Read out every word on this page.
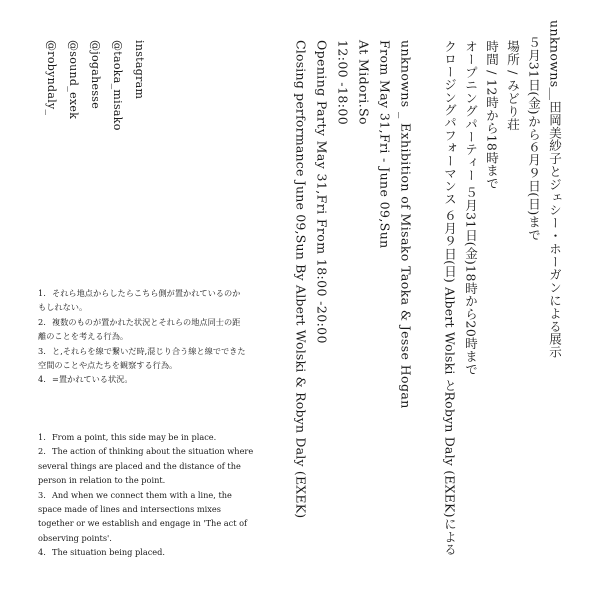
unknowns＿田岡美紗子とジェシー・ホーガンによる展示
５月31日(金)から６月９日(日)まで
場所 / みどり荘
時間 / 12時から18時まで
オープニングパーティー ５月31日(金)18時から20時まで
クロージングパフォーマンス ６月９日(日) Albert Wolski とRobyn Daly (EXEK)による
unknowns _ Exhibition of Misako Taoka & Jesse Hogan
From May 31,Fri - June 09,Sun
At Midori.So
12:00 -18:00
Opening Party May 31,Fri From 18:00 -20:00
Closing performance June 09,Sun By Albert Wolski & Robyn Daly (EXEK)
instagram
@taoka_misako
@jogahesse
@sound_exek
@robyndaly_

1. それら地点からしたらこちら側が置かれているのかもしれない。

2. 複数のものが置かれた状況とそれらの地点同士の距離のことを考える行為。

3. と,それらを線で繋いだ時,混じり合う線と線でできた空間のことや点たちを観察する行為。

4. =置かれている状況。

1. From a point, this side may be in place.

2. The action of thinking about the situation where several things are placed and the distance of the person in relation to the point.

3. And when we connect them with a line, the space made of lines and intersections mixes together or we establish and engage in 'The act of observing points'.

4. The situation being placed.
